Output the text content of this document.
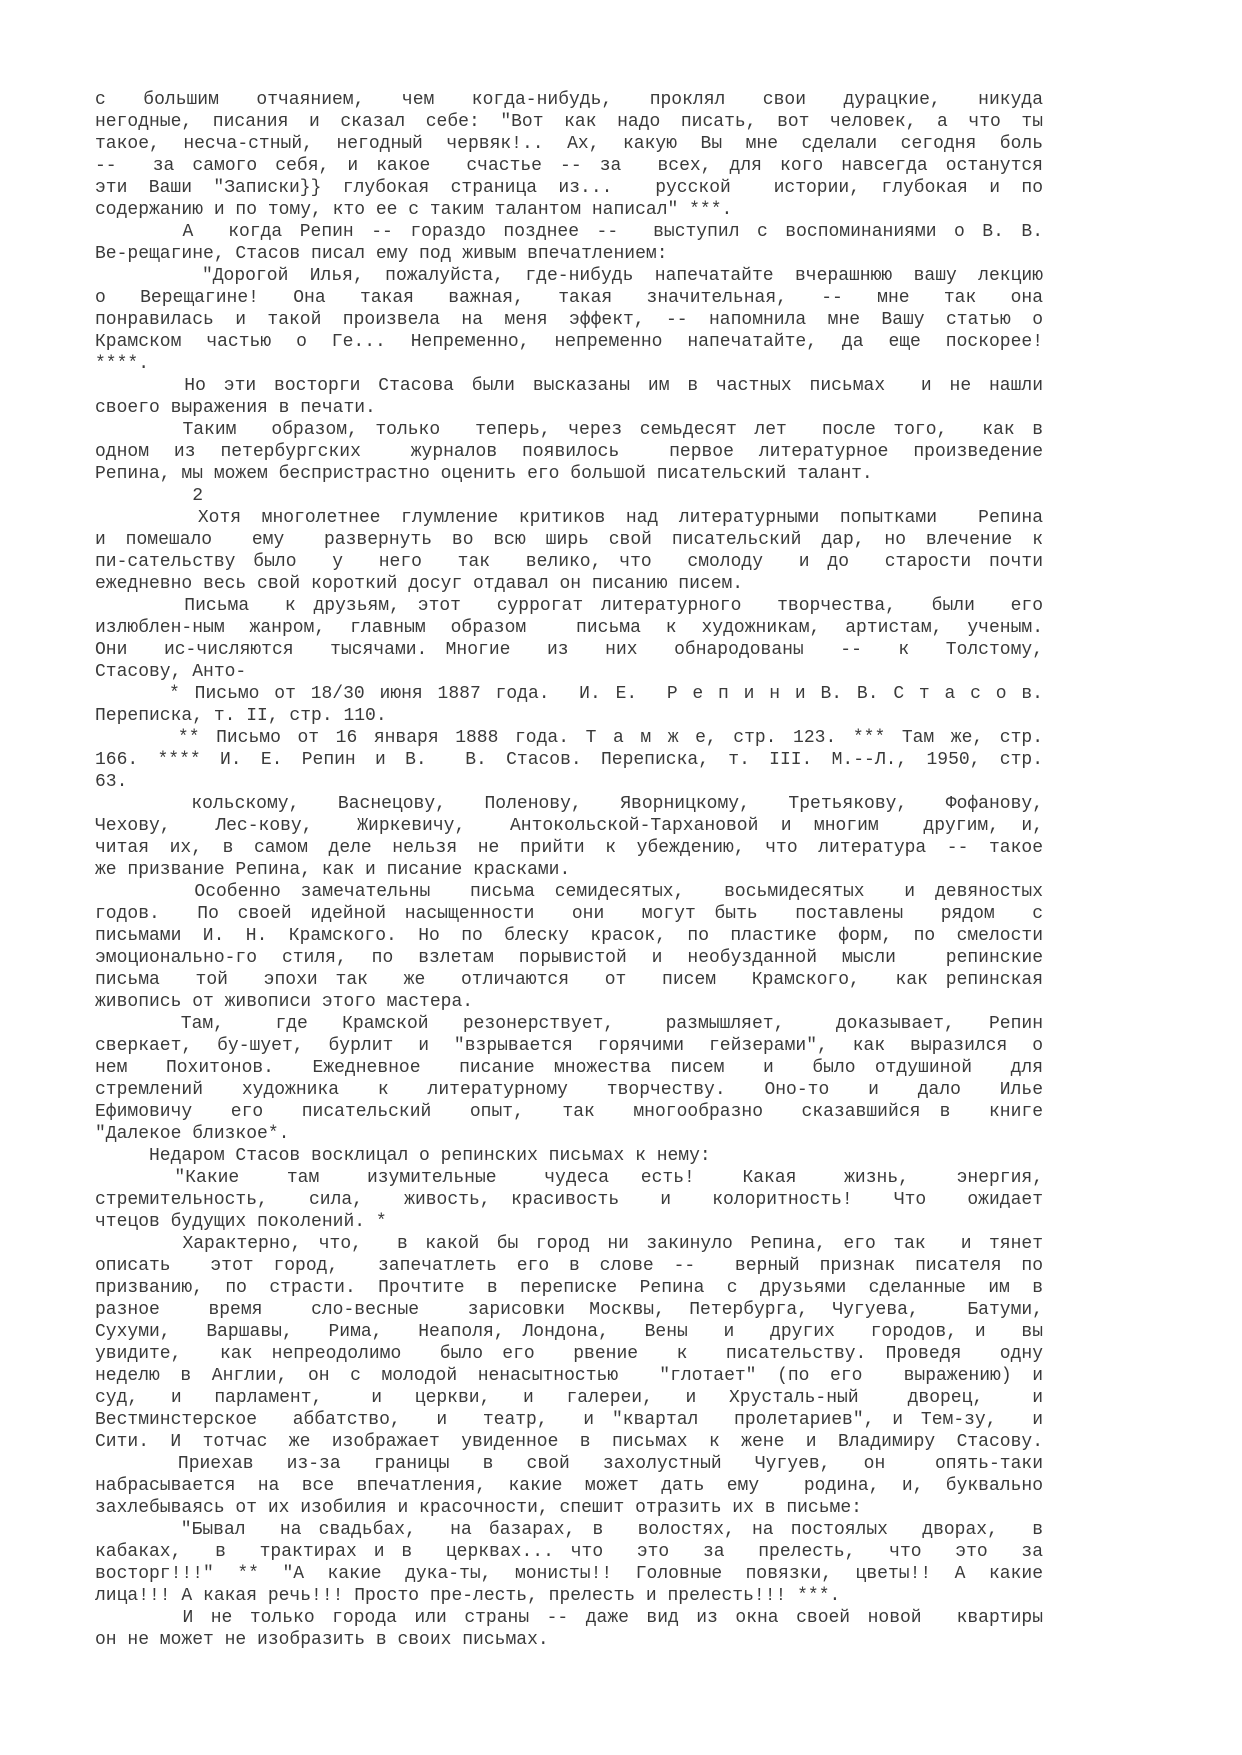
с  большим  отчаянием,  чем  когда-нибудь,  проклял  свои  дурацкие,  никуда
негодные, писания и сказал себе: "Вот как надо писать, вот человек, а что ты
такое, несча-стный, негодный червяк!.. Ах, какую Вы мне сделали сегодня боль
--  за самого себя, и какое  счастье -- за  всех, для кого навсегда останутся
эти Ваши "Записки}} глубокая страница из...  русской  истории, глубокая и по
содержанию и по тому, кто ее с таким талантом написал" ***.
А  когда Репин -- гораздо позднее --  выступил с воспоминаниями о В. В.
Ве-рещагине, Стасов писал ему под живым впечатлением:
"Дорогой Илья, пожалуйста, где-нибудь напечатайте вчерашнюю вашу лекцию
о  Верещагине!  Она  такая  важная,  такая  значительная,  --  мне  так  она
понравилась и такой произвела на меня эффект, -- напомнила мне Вашу статью о
Крамском частью о Ге... Непременно, непременно напечатайте, да еще поскорее!
****.
Но эти восторги Стасова были высказаны им в частных письмах  и не нашли
своего выражения в печати.
Таким  образом, только  теперь, через семьдесят лет  после того,  как в
одном из петербургских  журналов появилось  первое литературное произведение
Репина, мы можем беспристрастно оценить его большой писательский талант.
2
Хотя многолетнее глумление критиков над литературными попытками  Репина
и помешало  ему  развернуть во всю ширь свой писательский дар, но влечение к
пи-сательству было  у  него  так  велико, что  смолоду  и до  старости почти
ежедневно весь свой короткий досуг отдавал он писанию писем.
Письма  к друзьям, этот  суррогат литературного  творчества,  были  его
излюблен-ным жанром, главным образом  письма к художникам, артистам, ученым.
Они  ис-числяются  тысячами. Многие  из  них  обнародованы  --  к  Толстому,
Стасову, Анто-
* Письмо от 18/30 июня 1887 года.  И. Е.  Р е п и н и В. В. С т а с о в.
Переписка, т. II, стр. 110.
** Письмо от 16 января 1888 года. Т а м ж е, стр. 123. *** Там же, стр.
166. **** И. Е. Репин и В.  В. Стасов. Переписка, т. III. М.--Л., 1950, стр.
63.
кольскому,  Васнецову,  Поленову,  Яворницкому,  Третьякову,  Фофанову,
Чехову,  Лес-кову,  Жиркевичу,  Антокольской-Тархановой и многим  другим, и,
читая их, в самом деле нельзя не прийти к убеждению, что литература -- такое
же призвание Репина, как и писание красками.
Особенно замечательны  письма семидесятых,  восьмидесятых  и девяностых
годов.  По своей идейной насыщенности  они  могут быть  поставлены  рядом  с
письмами И. Н. Крамского. Но по блеску красок, по пластике форм, по смелости
эмоционально-го стиля, по взлетам порывистой и необузданной мысли  репинские
письма  той  эпохи так  же  отличаются  от  писем  Крамского,  как репинская
живопись от живописи этого мастера.
Там,   где  Крамской  резонерствует,   размышляет,   доказывает,  Репин
сверкает, бу-шует, бурлит и "взрывается горячими гейзерами", как выразился о
нем  Похитонов.  Ежедневное  писание множества писем  и  было отдушиной  для
стремлений  художника  к  литературному  творчеству.  Оно-то  и  дало  Илье
Ефимовичу  его  писательский  опыт,  так  многообразно  сказавшийся в  книге
"Далекое близкое*.
Недаром Стасов восклицал о репинских письмах к нему:
"Какие   там   изумительные   чудеса  есть!   Какая   жизнь,   энергия,
стремительность,  сила,  живость, красивость  и  колоритность!  Что  ожидает
чтецов будущих поколений. *
Характерно, что,  в какой бы город ни закинуло Репина, его так  и тянет
описать  этот город,  запечатлеть его в слове --  верный признак писателя по
призванию, по страсти. Прочтите в переписке Репина с друзьями сделанные им в
разное  время  сло-весные  зарисовки Москвы, Петербурга, Чугуева,  Батуми,
Сухуми,  Варшавы,  Рима,  Неаполя, Лондона,  Вены  и  других  городов, и  вы
увидите,  как непреодолимо  было его  рвение  к  писательству. Проведя  одну
неделю в Англии, он с молодой ненасытностью  "глотает" (по его  выражению) и
суд,  и  парламент,   и  церкви,  и  галереи,  и  Хрусталь-ный   дворец,   и
Вестминстерское  аббатство,  и  театр,  и "квартал  пролетариев", и Тем-зу,  и
Сити. И тотчас же изображает увиденное в письмах к жене и Владимиру Стасову.
Приехав  из-за  границы  в  свой  захолустный  Чугуев,  он   опять-таки
набрасывается на все впечатления, какие может дать ему  родина, и, буквально
захлебываясь от их изобилия и красочности, спешит отразить их в письме:
"Бывал  на свадьбах,  на базарах, в  волостях, на постоялых  дворах,  в
кабаках,  в  трактирах и в  церквах... что  это  за  прелесть,  что  это  за
восторг!!!" ** "А какие дука-ты, монисты!! Головные повязки, цветы!! А какие
лица!!! А какая речь!!! Просто пре-лесть, прелесть и прелесть!!! ***.
И не только города или страны -- даже вид из окна своей новой  квартиры
он не может не изобразить в своих письмах.
